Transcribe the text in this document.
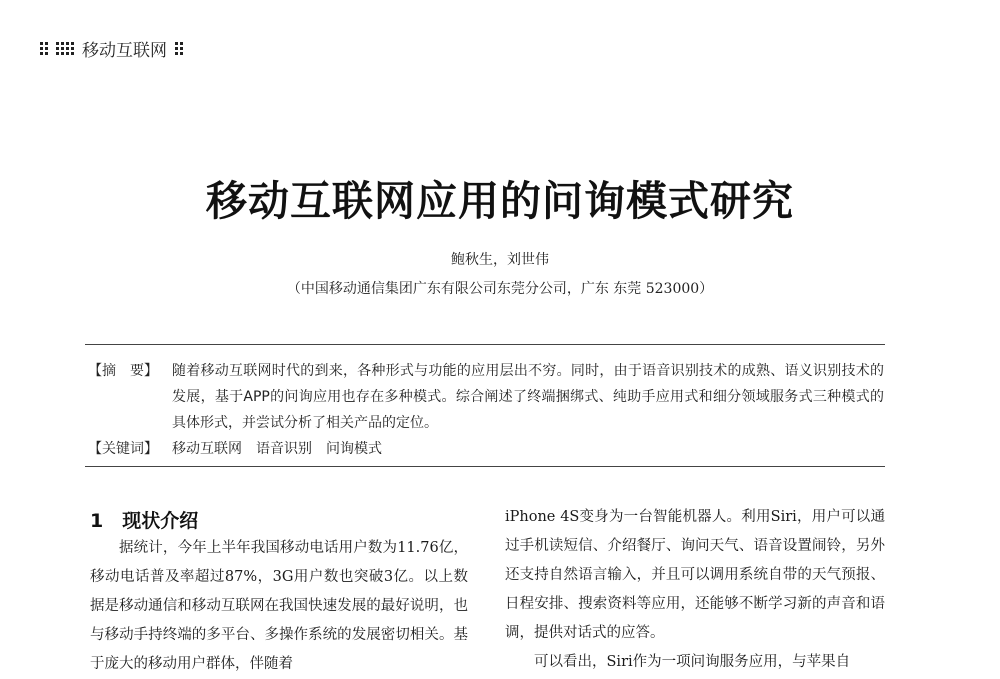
移动互联网
移动互联网应用的问询模式研究
鲍秋生，刘世伟
（中国移动通信集团广东有限公司东莞分公司，广东 东莞 523000）
【摘　要】 随着移动互联网时代的到来，各种形式与功能的应用层出不穷。同时，由于语音识别技术的成熟、语义识别技术的发展，基于APP的问询应用也存在多种模式。综合阐述了终端捆绑式、纯助手应用式和细分领域服务式三种模式的具体形式，并尝试分析了相关产品的定位。
【关键词】 移动互联网　语音识别　问询模式
1　现状介绍

据统计，今年上半年我国移动电话用户数为11.76亿，移动电话普及率超过87%，3G用户数也突破3亿。以上数据是移动通信和移动互联网在我国快速发展的最好说明，也与移动手持终端的多平台、多操作系统的发展密切相关。基于庞大的移动用户群体，伴随着

iPhone 4S变身为一台智能机器人。利用Siri，用户可以通过手机读短信、介绍餐厅、询问天气、语音设置闹铃，另外还支持自然语言输入，并且可以调用系统自带的天气预报、日程安排、搜索资料等应用，还能够不断学习新的声音和语调，提供对话式的应答。

可以看出，Siri作为一项问询服务应用，与苹果自
